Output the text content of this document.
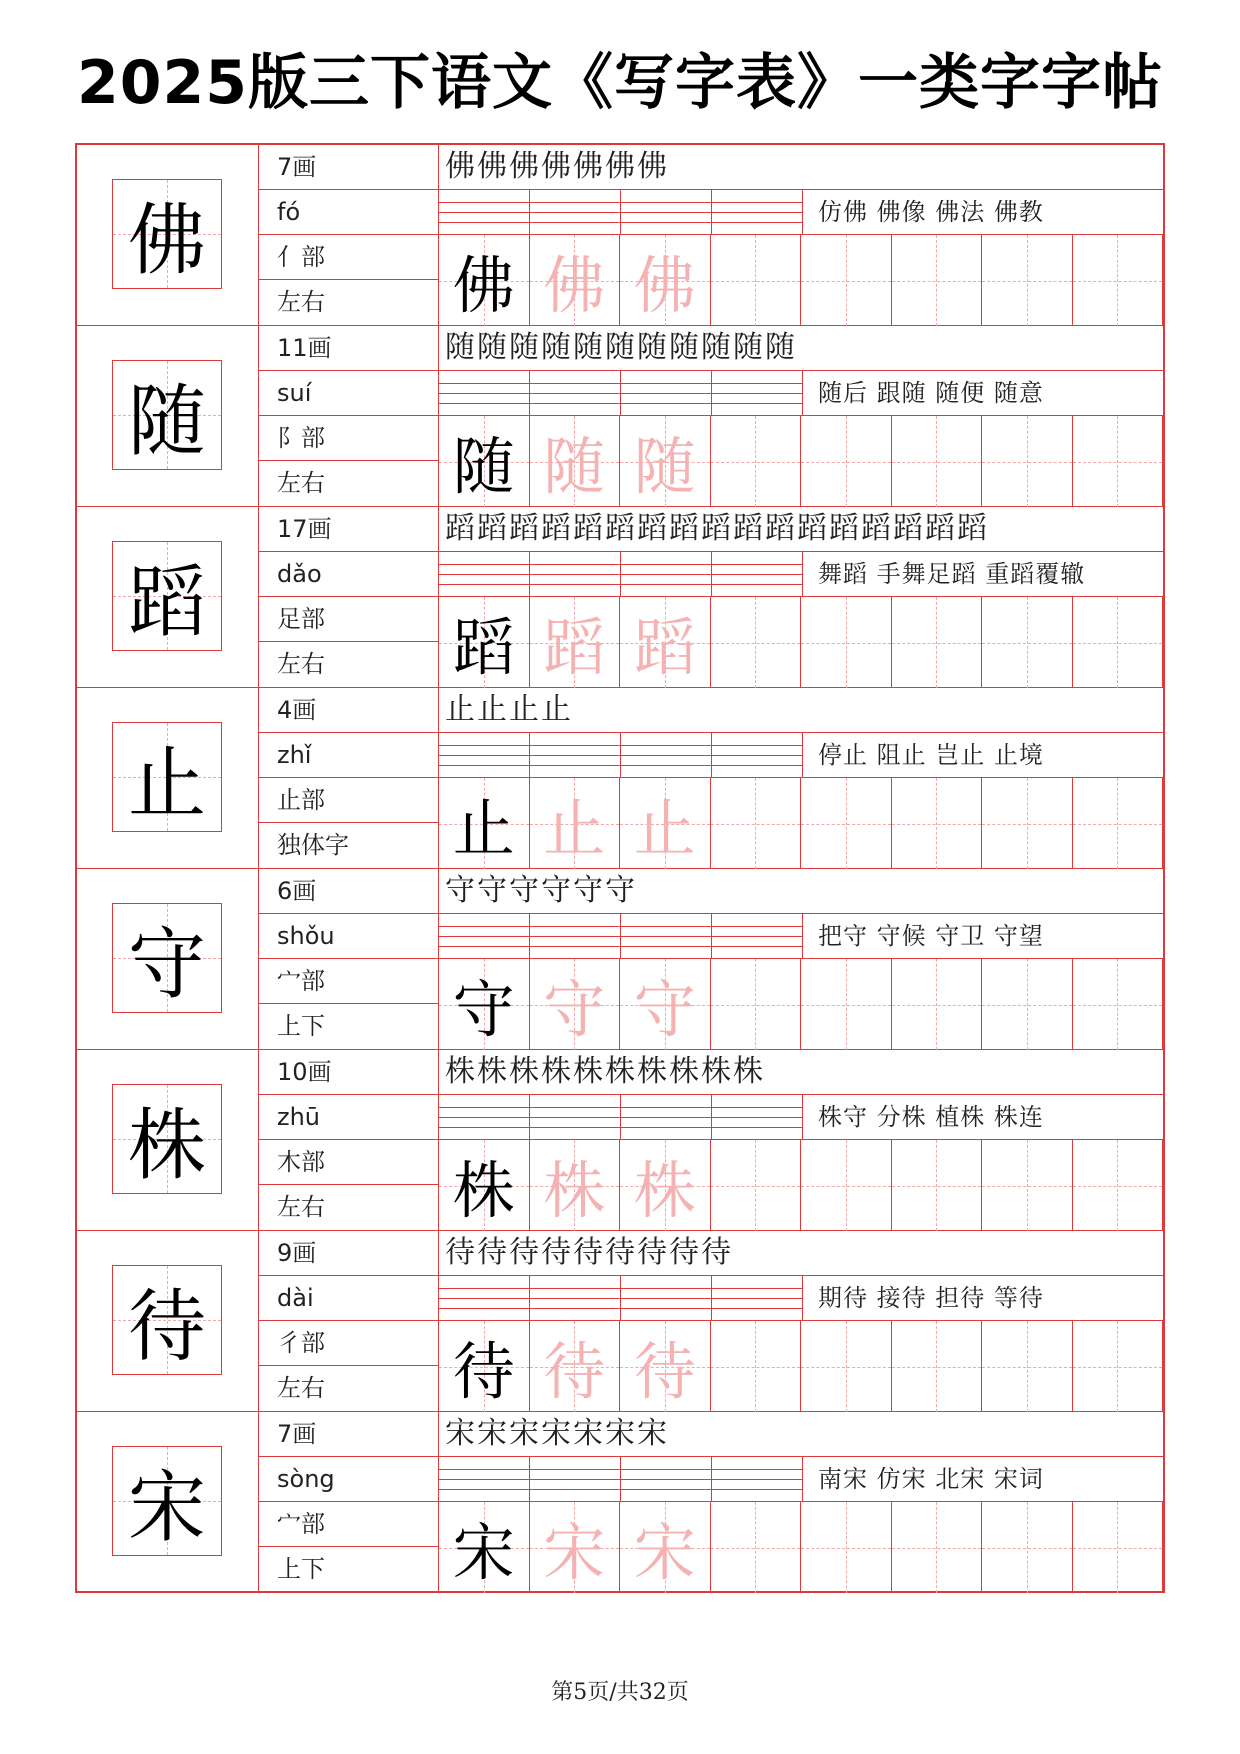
2025版三下语文《写字表》一类字字帖
佛
7画
fó
亻部
左右
佛佛佛佛佛佛佛
仿佛 佛像 佛法 佛教
佛 佛 佛
随
11画
suí
阝部
左右
随随随随随随随随随随随
随后 跟随 随便 随意
随 随 随
蹈
17画
dǎo
足部
左右
蹈蹈蹈蹈蹈蹈蹈蹈蹈蹈蹈蹈蹈蹈蹈蹈蹈
舞蹈 手舞足蹈 重蹈覆辙
蹈 蹈 蹈
止
4画
zhǐ
止部
独体字
止止止止
停止 阻止 岂止 止境
止 止 止
守
6画
shǒu
宀部
上下
守守守守守守
把守 守候 守卫 守望
守 守 守
株
10画
zhū
木部
左右
株株株株株株株株株株
株守 分株 植株 株连
株 株 株
待
9画
dài
彳部
左右
待待待待待待待待待
期待 接待 担待 等待
待 待 待
宋
7画
sòng
宀部
上下
宋宋宋宋宋宋宋
南宋 仿宋 北宋 宋词
宋 宋 宋
第5页/共32页
